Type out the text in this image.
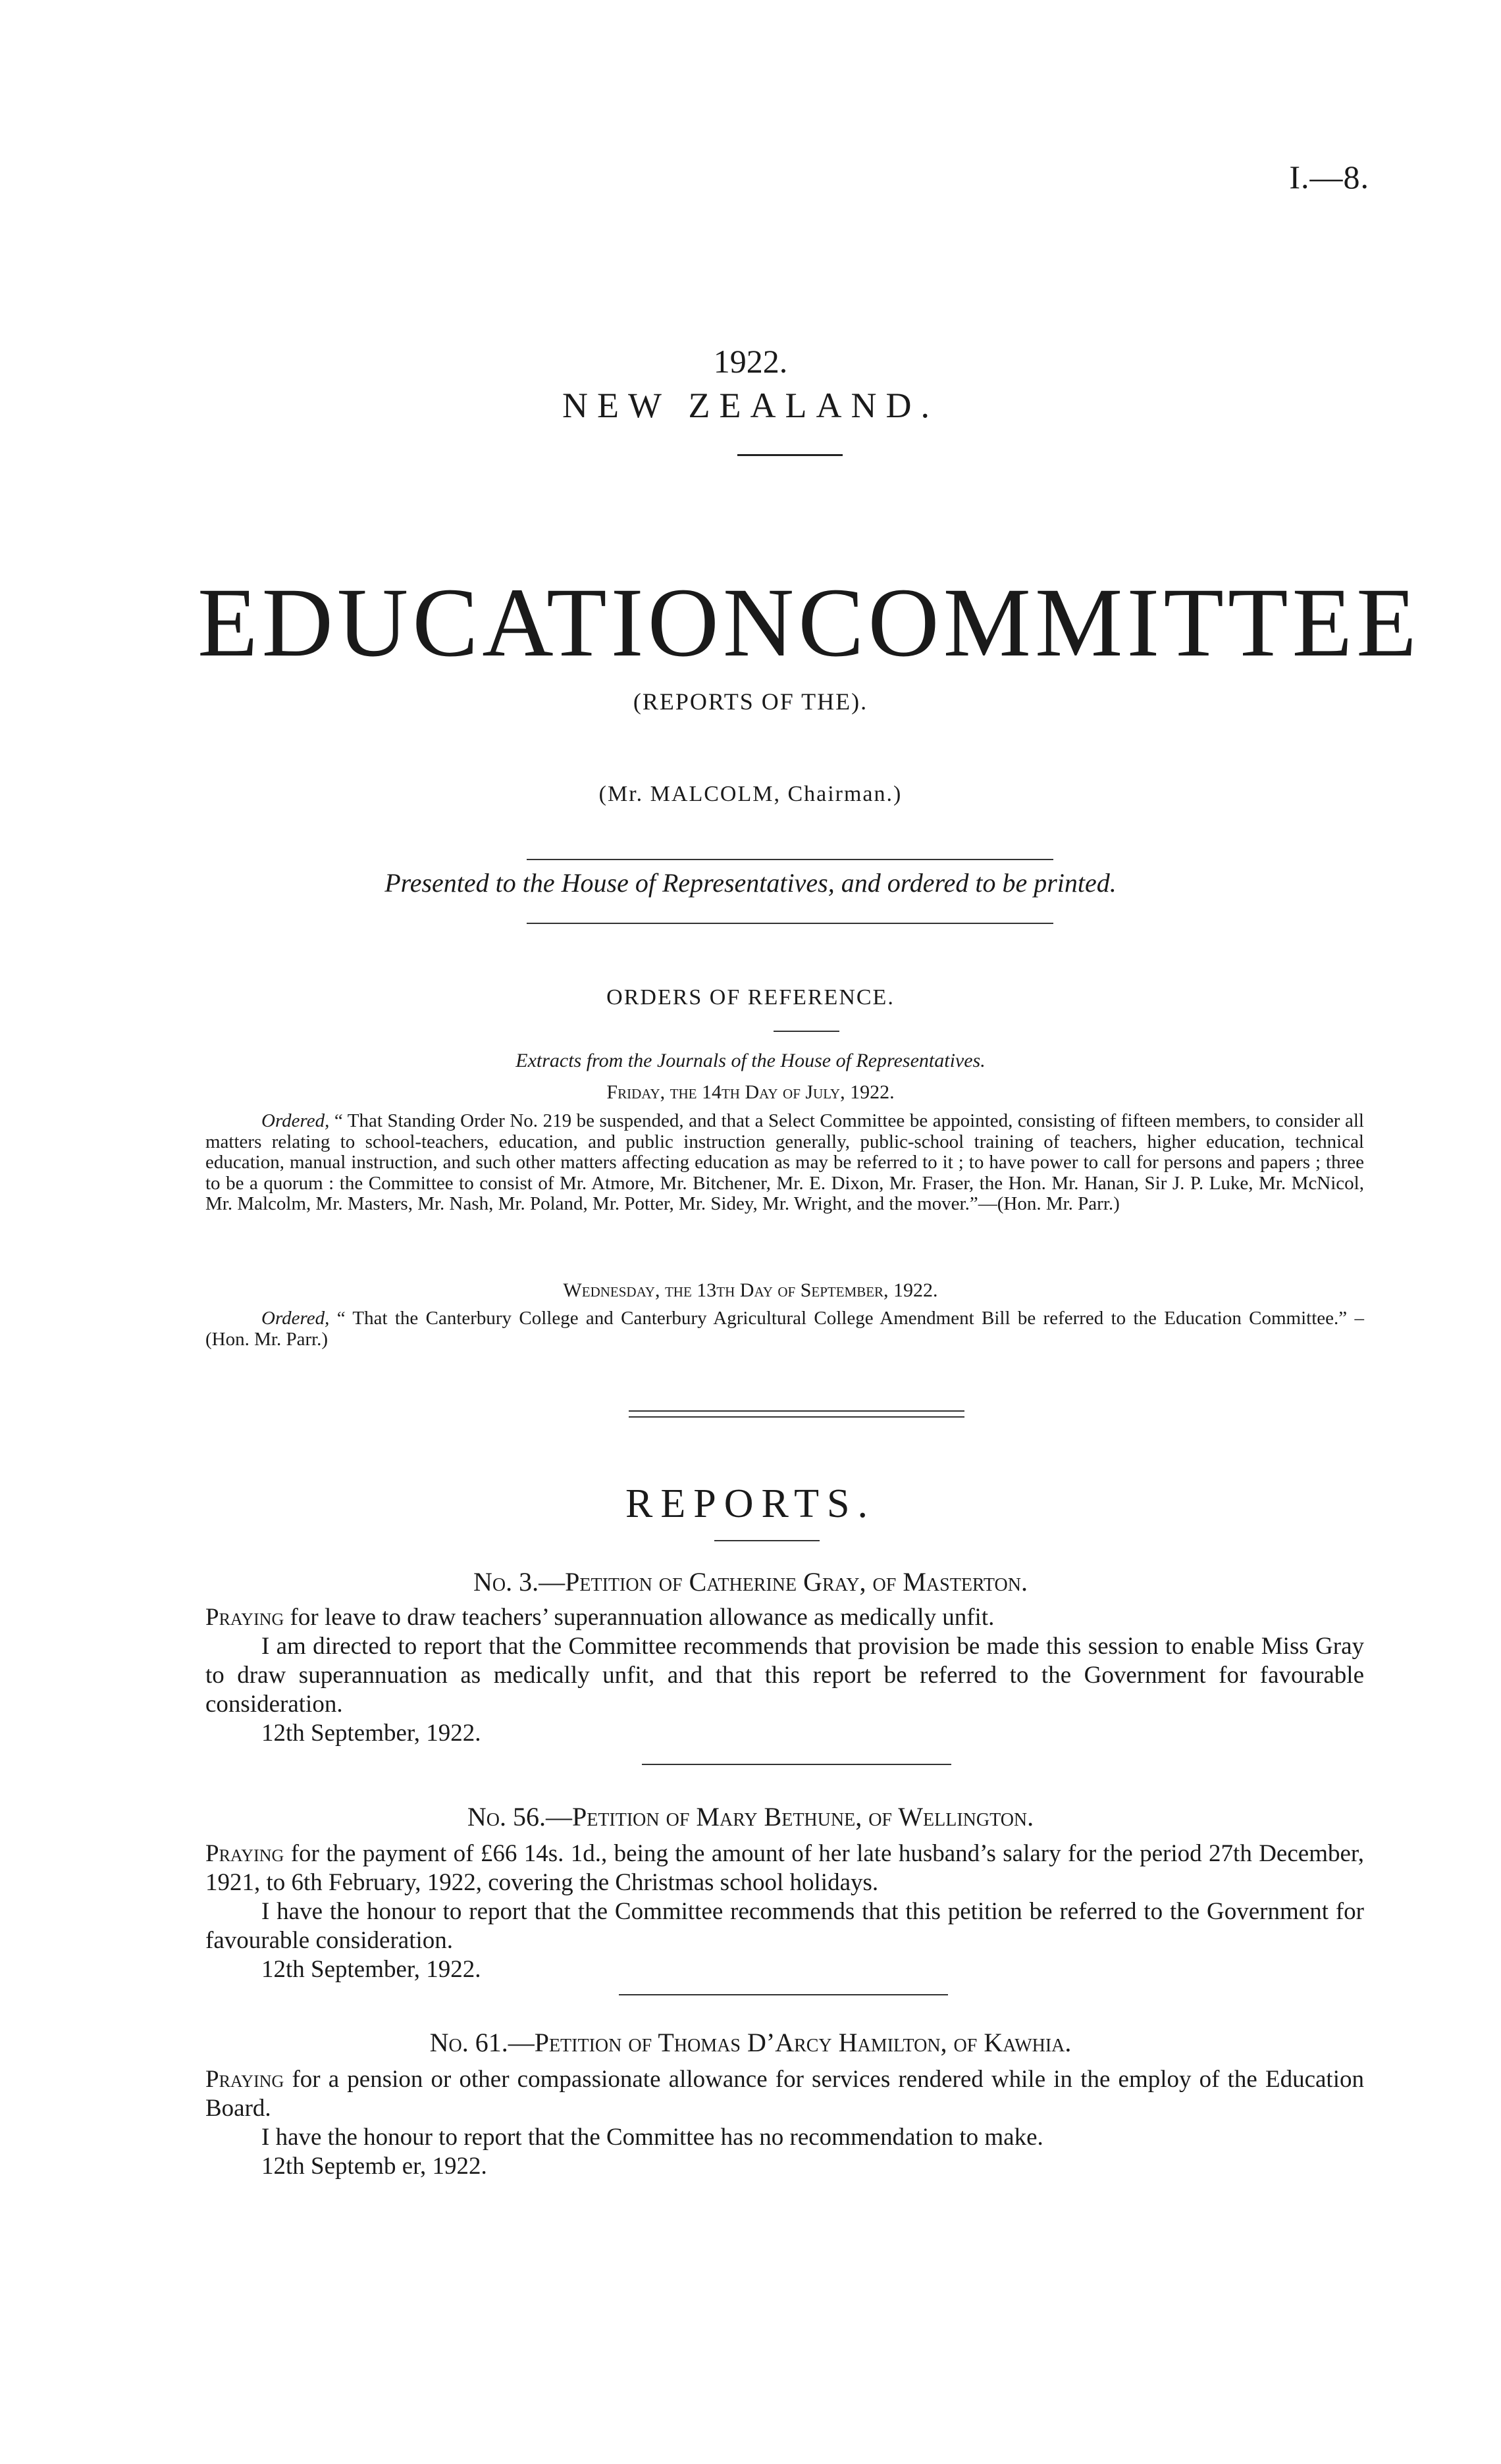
I.—8.
1922.
NEW ZEALAND.
EDUCATION COMMITTEE
(REPORTS OF THE).
(Mr. MALCOLM, Chairman.)
Presented to the House of Representatives, and ordered to be printed.
ORDERS OF REFERENCE.
Extracts from the Journals of the House of Representatives.
Friday, the 14th Day of July, 1922.
Ordered, “ That Standing Order No. 219 be suspended, and that a Select Committee be appointed, consisting of fifteen members, to consider all matters relating to school-teachers, education, and public instruction generally, public-school training of teachers, higher education, technical education, manual instruction, and such other matters affecting education as may be referred to it ; to have power to call for persons and papers ; three to be a quorum : the Committee to consist of Mr. Atmore, Mr. Bitchener, Mr. E. Dixon, Mr. Fraser, the Hon. Mr. Hanan, Sir J. P. Luke, Mr. McNicol, Mr. Malcolm, Mr. Masters, Mr. Nash, Mr. Poland, Mr. Potter, Mr. Sidey, Mr. Wright, and the mover.”—(Hon. Mr. Parr.)
Wednesday, the 13th Day of September, 1922.
Ordered, “ That the Canterbury College and Canterbury Agricultural College Amendment Bill be referred to the Education Committee.” – (Hon. Mr. Parr.)
REPORTS.
No. 3.—Petition of Catherine Gray, of Masterton.
Praying for leave to draw teachers’ superannuation allowance as medically unfit.
I am directed to report that the Committee recommends that provision be made this session to enable Miss Gray to draw superannuation as medically unfit, and that this report be referred to the Government for favourable consideration.
12th September, 1922.
No. 56.—Petition of Mary Bethune, of Wellington.
Praying for the payment of £66 14s. 1d., being the amount of her late husband’s salary for the period 27th December, 1921, to 6th February, 1922, covering the Christmas school holidays.
I have the honour to report that the Committee recommends that this petition be referred to the Government for favourable consideration.
12th September, 1922.
No. 61.—Petition of Thomas D’Arcy Hamilton, of Kawhia.
Praying for a pension or other compassionate allowance for services rendered while in the employ of the Education Board.
I have the honour to report that the Committee has no recommendation to make.
12th Septemb er, 1922.
